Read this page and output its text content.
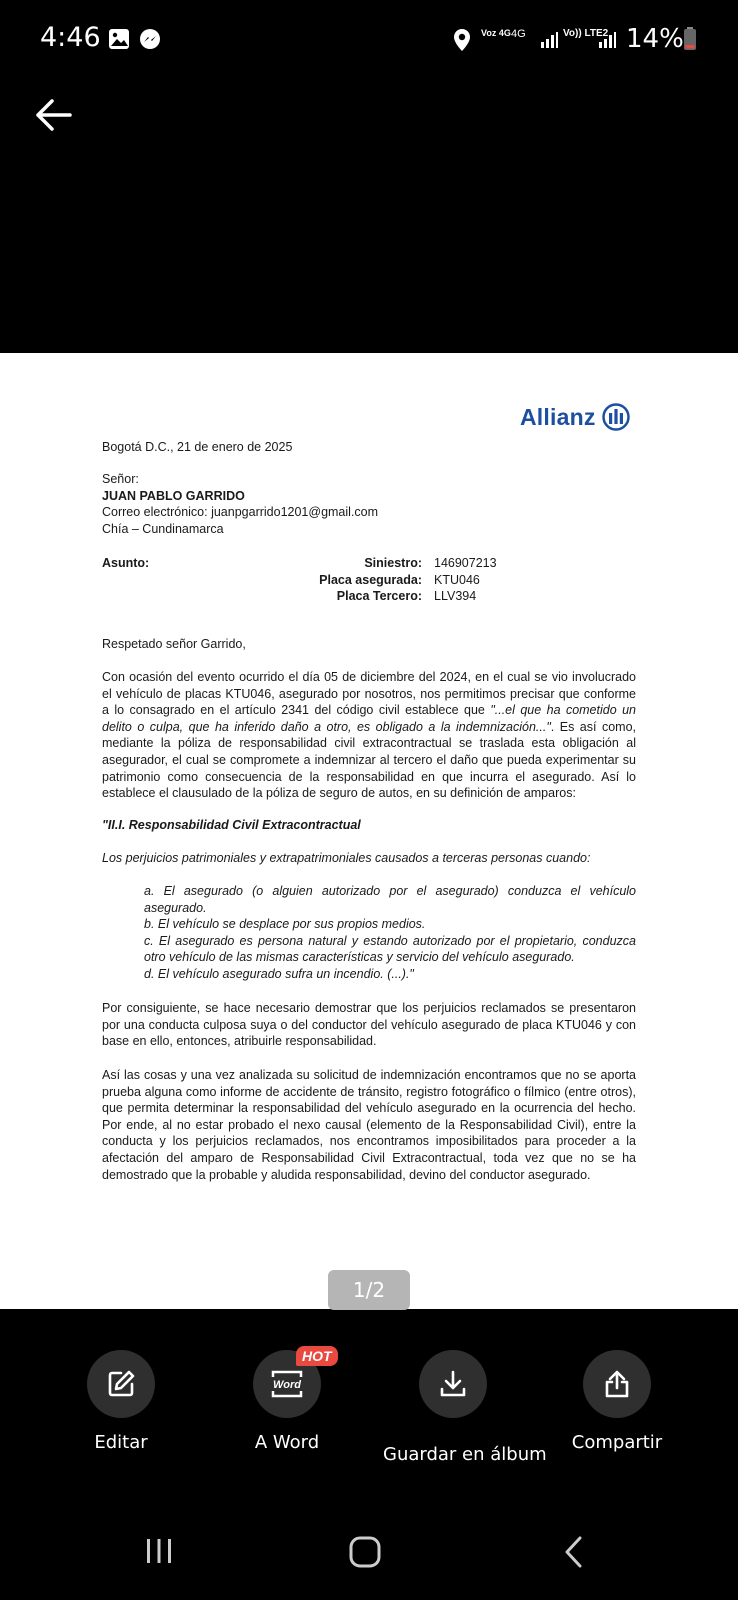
4:46	Voz 4G 4G	Vo)) LTE2 14%
Allianz
Bogotá D.C., 21 de enero de 2025
Señor:
JUAN PABLO GARRIDO
Correo electrónico: juanpgarrido1201@gmail.com
Chía – Cundinamarca
Asunto:	Siniestro: 146907213
Placa asegurada: KTU046
Placa Tercero: LLV394
Respetado señor Garrido,
Con ocasión del evento ocurrido el día 05 de diciembre del 2024, en el cual se vio involucrado el vehículo de placas KTU046, asegurado por nosotros, nos permitimos precisar que conforme a lo consagrado en el artículo 2341 del código civil establece que "...el que ha cometido un delito o culpa, que ha inferido daño a otro, es obligado a la indemnización...". Es así como, mediante la póliza de responsabilidad civil extracontractual se traslada esta obligación al asegurador, el cual se compromete a indemnizar al tercero el daño que pueda experimentar su patrimonio como consecuencia de la responsabilidad en que incurra el asegurado. Así lo establece el clausulado de la póliza de seguro de autos, en su definición de amparos:
"II.I. Responsabilidad Civil Extracontractual
Los perjuicios patrimoniales y extrapatrimoniales causados a terceras personas cuando:
a. El asegurado (o alguien autorizado por el asegurado) conduzca el vehículo asegurado.
b. El vehículo se desplace por sus propios medios.
c. El asegurado es persona natural y estando autorizado por el propietario, conduzca otro vehículo de las mismas características y servicio del vehículo asegurado.
d. El vehículo asegurado sufra un incendio. (...)."
Por consiguiente, se hace necesario demostrar que los perjuicios reclamados se presentaron por una conducta culposa suya o del conductor del vehículo asegurado de placa KTU046 y con base en ello, entonces, atribuirle responsabilidad.
Así las cosas y una vez analizada su solicitud de indemnización encontramos que no se aporta prueba alguna como informe de accidente de tránsito, registro fotográfico o fílmico (entre otros), que permita determinar la responsabilidad del vehículo asegurado en la ocurrencia del hecho. Por ende, al no estar probado el nexo causal (elemento de la Responsabilidad Civil), entre la conducta y los perjuicios reclamados, nos encontramos imposibilitados para proceder a la afectación del amparo de Responsabilidad Civil Extracontractual, toda vez que no se ha demostrado que la probable y aludida responsabilidad, devino del conductor asegurado.
1/2
Editar
Word
A Word
Guardar en álbum
Compartir
HOT
